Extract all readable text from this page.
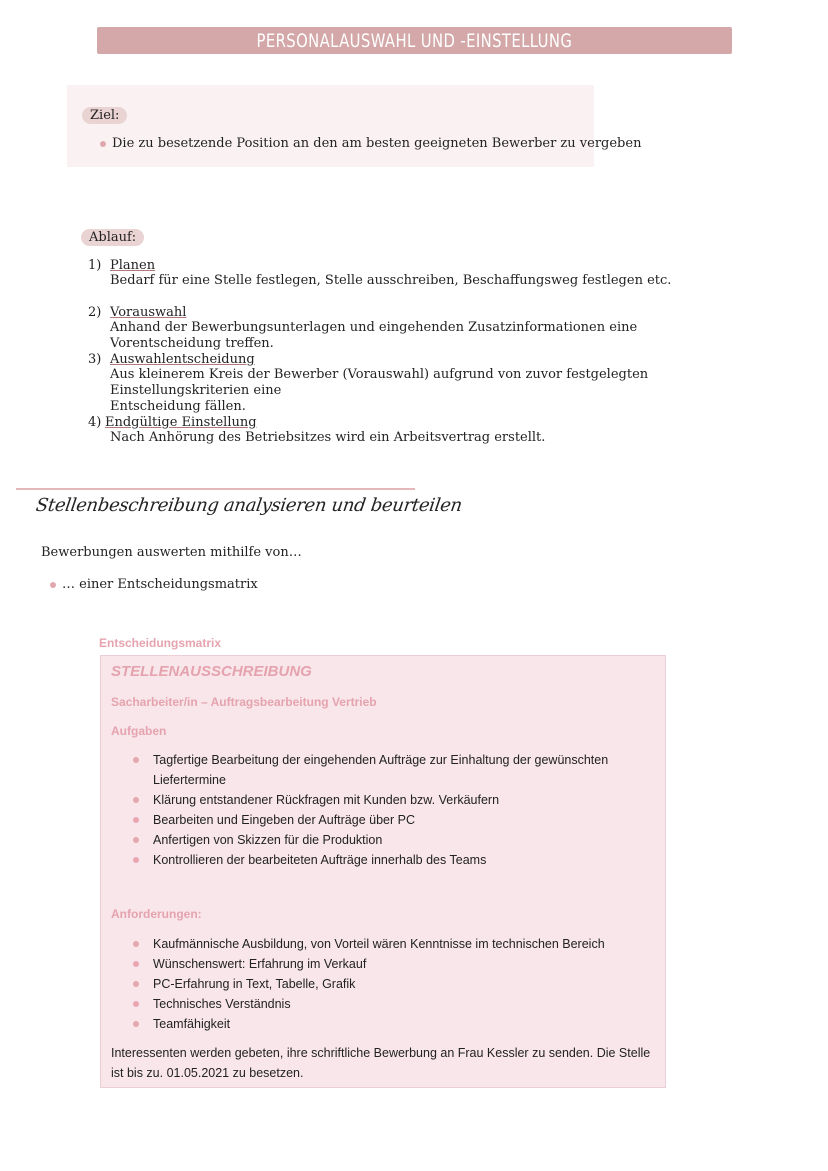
PERSONALAUSWAHL UND -EINSTELLUNG
Ziel:
Die zu besetzende Position an den am besten geeigneten Bewerber zu vergeben
Ablauf:
1) Planen
Bedarf für eine Stelle festlegen, Stelle ausschreiben, Beschaffungsweg festlegen etc.
2) Vorauswahl
Anhand der Bewerbungsunterlagen und eingehenden Zusatzinformationen eine Vorentscheidung treffen.
3) Auswahlentscheidung
Aus kleinerem Kreis der Bewerber (Vorauswahl) aufgrund von zuvor festgelegten Einstellungskriterien eine
Entscheidung fällen.
4) Endgültige Einstellung
Nach Anhörung des Betriebsitzes wird ein Arbeitsvertrag erstellt.
Stellenbeschreibung analysieren und beurteilen
Bewerbungen auswerten mithilfe von…
… einer Entscheidungsmatrix
Entscheidungsmatrix
STELLENAUSSCHREIBUNG
Sacharbeiter/in – Auftragsbearbeitung Vertrieb
Aufgaben
Tagfertige Bearbeitung der eingehenden Aufträge zur Einhaltung der gewünschten Liefertermine
Klärung entstandener Rückfragen mit Kunden bzw. Verkäufern
Bearbeiten und Eingeben der Aufträge über PC
Anfertigen von Skizzen für die Produktion
Kontrollieren der bearbeiteten Aufträge innerhalb des Teams
Anforderungen:
Kaufmännische Ausbildung, von Vorteil wären Kenntnisse im technischen Bereich
Wünschenswert: Erfahrung im Verkauf
PC-Erfahrung in Text, Tabelle, Grafik
Technisches Verständnis
Teamfähigkeit
Interessenten werden gebeten, ihre schriftliche Bewerbung an Frau Kessler zu senden. Die Stelle ist bis zu. 01.05.2021 zu besetzen.
